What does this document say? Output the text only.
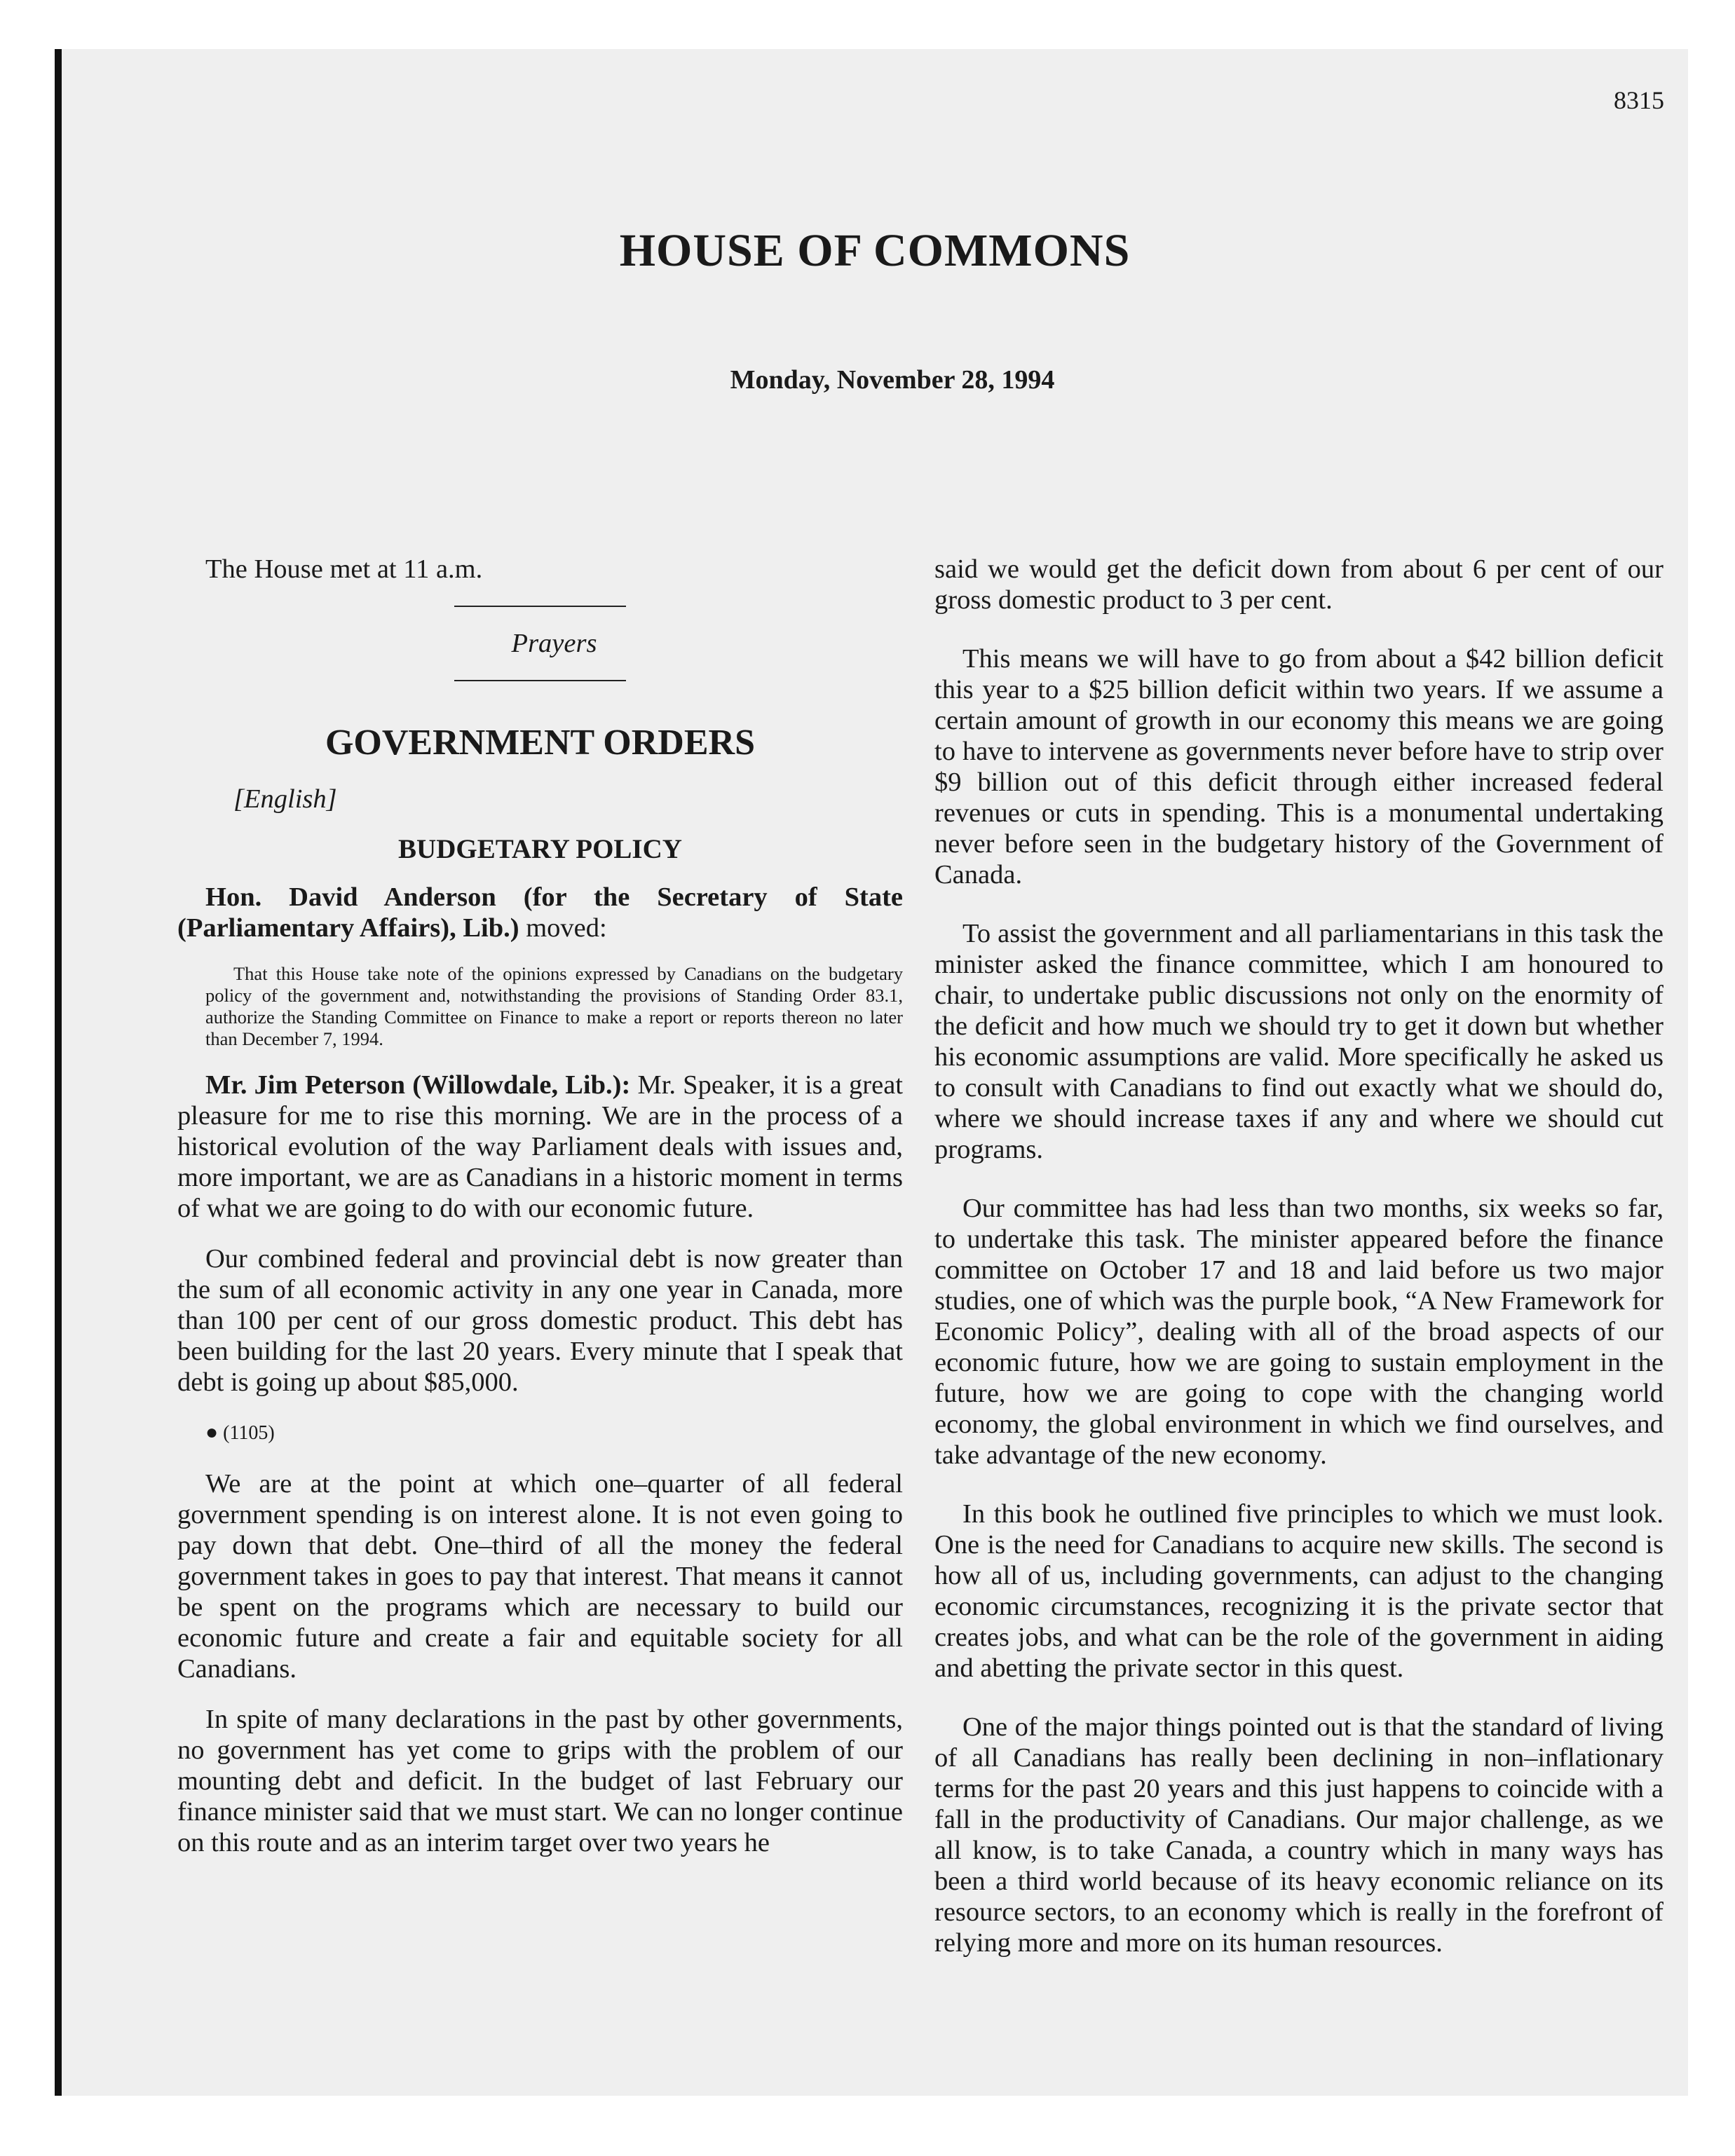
8315
HOUSE OF COMMONS
Monday, November 28, 1994

The House met at 11 a.m.

Prayers

GOVERNMENT ORDERS

[English]

BUDGETARY POLICY

Hon. David Anderson (for the Secretary of State (Parliamentary Affairs), Lib.) moved:

That this House take note of the opinions expressed by Canadians on the budgetary policy of the government and, notwithstanding the provisions of Standing Order 83.1, authorize the Standing Committee on Finance to make a report or reports thereon no later than December 7, 1994.

Mr. Jim Peterson (Willowdale, Lib.): Mr. Speaker, it is a great pleasure for me to rise this morning. We are in the process of a historical evolution of the way Parliament deals with issues and, more important, we are as Canadians in a historic moment in terms of what we are going to do with our economic future.

Our combined federal and provincial debt is now greater than the sum of all economic activity in any one year in Canada, more than 100 per cent of our gross domestic product. This debt has been building for the last 20 years. Every minute that I speak that debt is going up about $85,000.

● (1105)

We are at the point at which one–quarter of all federal government spending is on interest alone. It is not even going to pay down that debt. One–third of all the money the federal government takes in goes to pay that interest. That means it cannot be spent on the programs which are necessary to build our economic future and create a fair and equitable society for all Canadians.

In spite of many declarations in the past by other governments, no government has yet come to grips with the problem of our mounting debt and deficit. In the budget of last February our finance minister said that we must start. We can no longer continue on this route and as an interim target over two years he

said we would get the deficit down from about 6 per cent of our gross domestic product to 3 per cent.

This means we will have to go from about a $42 billion deficit this year to a $25 billion deficit within two years. If we assume a certain amount of growth in our economy this means we are going to have to intervene as governments never before have to strip over $9 billion out of this deficit through either increased federal revenues or cuts in spending. This is a monumental undertaking never before seen in the budgetary history of the Government of Canada.

To assist the government and all parliamentarians in this task the minister asked the finance committee, which I am honoured to chair, to undertake public discussions not only on the enormity of the deficit and how much we should try to get it down but whether his economic assumptions are valid. More specifically he asked us to consult with Canadians to find out exactly what we should do, where we should increase taxes if any and where we should cut programs.

Our committee has had less than two months, six weeks so far, to undertake this task. The minister appeared before the finance committee on October 17 and 18 and laid before us two major studies, one of which was the purple book, “A New Framework for Economic Policy”, dealing with all of the broad aspects of our economic future, how we are going to sustain employment in the future, how we are going to cope with the changing world economy, the global environment in which we find ourselves, and take advantage of the new economy.

In this book he outlined five principles to which we must look. One is the need for Canadians to acquire new skills. The second is how all of us, including governments, can adjust to the changing economic circumstances, recognizing it is the private sector that creates jobs, and what can be the role of the government in aiding and abetting the private sector in this quest.

One of the major things pointed out is that the standard of living of all Canadians has really been declining in non–inflationary terms for the past 20 years and this just happens to coincide with a fall in the productivity of Canadians. Our major challenge, as we all know, is to take Canada, a country which in many ways has been a third world because of its heavy economic reliance on its resource sectors, to an economy which is really in the forefront of relying more and more on its human resources.
